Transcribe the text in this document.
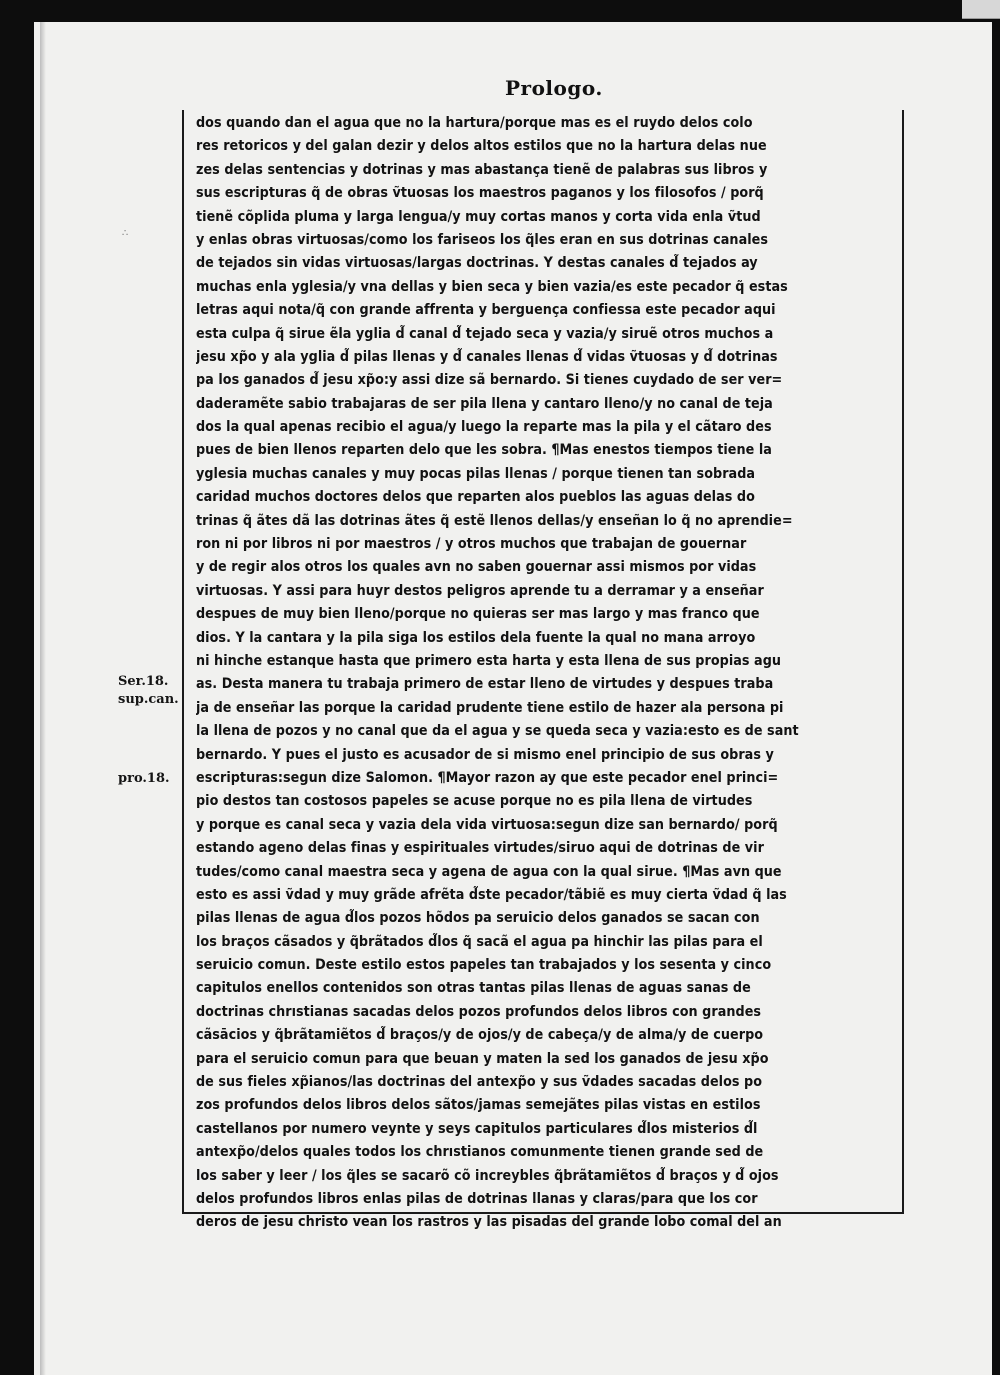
Prologo.
∴
Ser.18.
sup.can.
pro.18.
dos quando dan el agua que no la hartura/porque mas es el ruydo delos colo
res retoricos y del galan dezir y delos altos estilos que no la hartura delas nue
zes delas sentencias y dotrinas y mas abastança tienẽ de palabras sus libros y
sus escripturas q̃ de obras ṽtuosas los maestros paganos y los filosofos / porq̃
tienẽ cõplida pluma y larga lengua/y muy cortas manos y corta vida enla ṽtud
y enlas obras virtuosas/como los fariseos los q̃les eran en sus dotrinas canales
de tejados sin vidas virtuosas/largas doctrinas. Y destas canales d̃ tejados ay
muchas enla yglesia/y vna dellas y bien seca y bien vazia/es este pecador q̃ estas
letras aqui nota/q̃ con grande affrenta y berguença confiessa este pecador aqui
esta culpa q̃ sirue ẽla yglia d̃ canal d̃ tejado seca y vazia/y siruẽ otros muchos a
jesu xp̃o y ala yglia d̃ pilas llenas y d̃ canales llenas d̃ vidas ṽtuosas y d̃ dotrinas
pa los ganados d̃ jesu xp̃o:y assi dize sã bernardo. Si tienes cuydado de ser ver=
daderamẽte sabio trabajaras de ser pila llena y cantaro lleno/y no canal de teja
dos la qual apenas recibio el agua/y luego la reparte mas la pila y el cãtaro des
pues de bien llenos reparten delo que les sobra. ¶Mas enestos tiempos tiene la
yglesia muchas canales y muy pocas pilas llenas / porque tienen tan sobrada
caridad muchos doctores delos que reparten alos pueblos las aguas delas do
trinas q̃ ãtes dã las dotrinas ãtes q̃ estẽ llenos dellas/y enseñan lo q̃ no aprendie=
ron ni por libros ni por maestros / y otros muchos que trabajan de gouernar
y de regir alos otros los quales avn no saben gouernar assi mismos por vidas
virtuosas. Y assi para huyr destos peligros aprende tu a derramar y a enseñar
despues de muy bien lleno/porque no quieras ser mas largo y mas franco que
dios. Y la cantara y la pila siga los estilos dela fuente la qual no mana arroyo
ni hinche estanque hasta que primero esta harta y esta llena de sus propias agu
as. Desta manera tu trabaja primero de estar lleno de virtudes y despues traba
ja de enseñar las porque la caridad prudente tiene estilo de hazer ala persona pi
la llena de pozos y no canal que da el agua y se queda seca y vazia:esto es de sant
bernardo. Y pues el justo es acusador de si mismo enel principio de sus obras y
escripturas:segun dize Salomon. ¶Mayor razon ay que este pecador enel princi=
pio destos tan costosos papeles se acuse porque no es pila llena de virtudes
y porque es canal seca y vazia dela vida virtuosa:segun dize san bernardo/ porq̃
estando ageno delas finas y espirituales virtudes/siruo aqui de dotrinas de vir
tudes/como canal maestra seca y agena de agua con la qual sirue. ¶Mas avn que
esto es assi ṽdad y muy grãde afrẽta d̃ste pecador/tãbiẽ es muy cierta ṽdad q̃ las
pilas llenas de agua d̃los pozos hõdos pa seruicio delos ganados se sacan con
los braços cãsados y q̃brãtados d̃los q̃ sacã el agua pa hinchir las pilas para el
seruicio comun. Deste estilo estos papeles tan trabajados y los sesenta y cinco
capitulos enellos contenidos son otras tantas pilas llenas de aguas sanas de
doctrinas chrıstianas sacadas delos pozos profundos delos libros con grandes
cãsācios y q̃brãtamiẽtos d̃ braços/y de ojos/y de cabeça/y de alma/y de cuerpo
para el seruicio comun para que beuan y maten la sed los ganados de jesu xp̃o
de sus fieles xp̃ianos/las doctrinas del antexp̃o y sus ṽdades sacadas delos po
zos profundos delos libros delos sãtos/jamas semejãtes pilas vistas en estilos
castellanos por numero veynte y seys capitulos particulares d̃los misterios d̃l
antexp̃o/delos quales todos los chrıstianos comunmente tienen grande sed de
los saber y leer / los q̃les se sacarõ cõ increybles q̃brãtamiẽtos d̃ braços y d̃ ojos
delos profundos libros enlas pilas de dotrinas llanas y claras/para que los cor
deros de jesu christo vean los rastros y las pisadas del grande lobo comal del an
